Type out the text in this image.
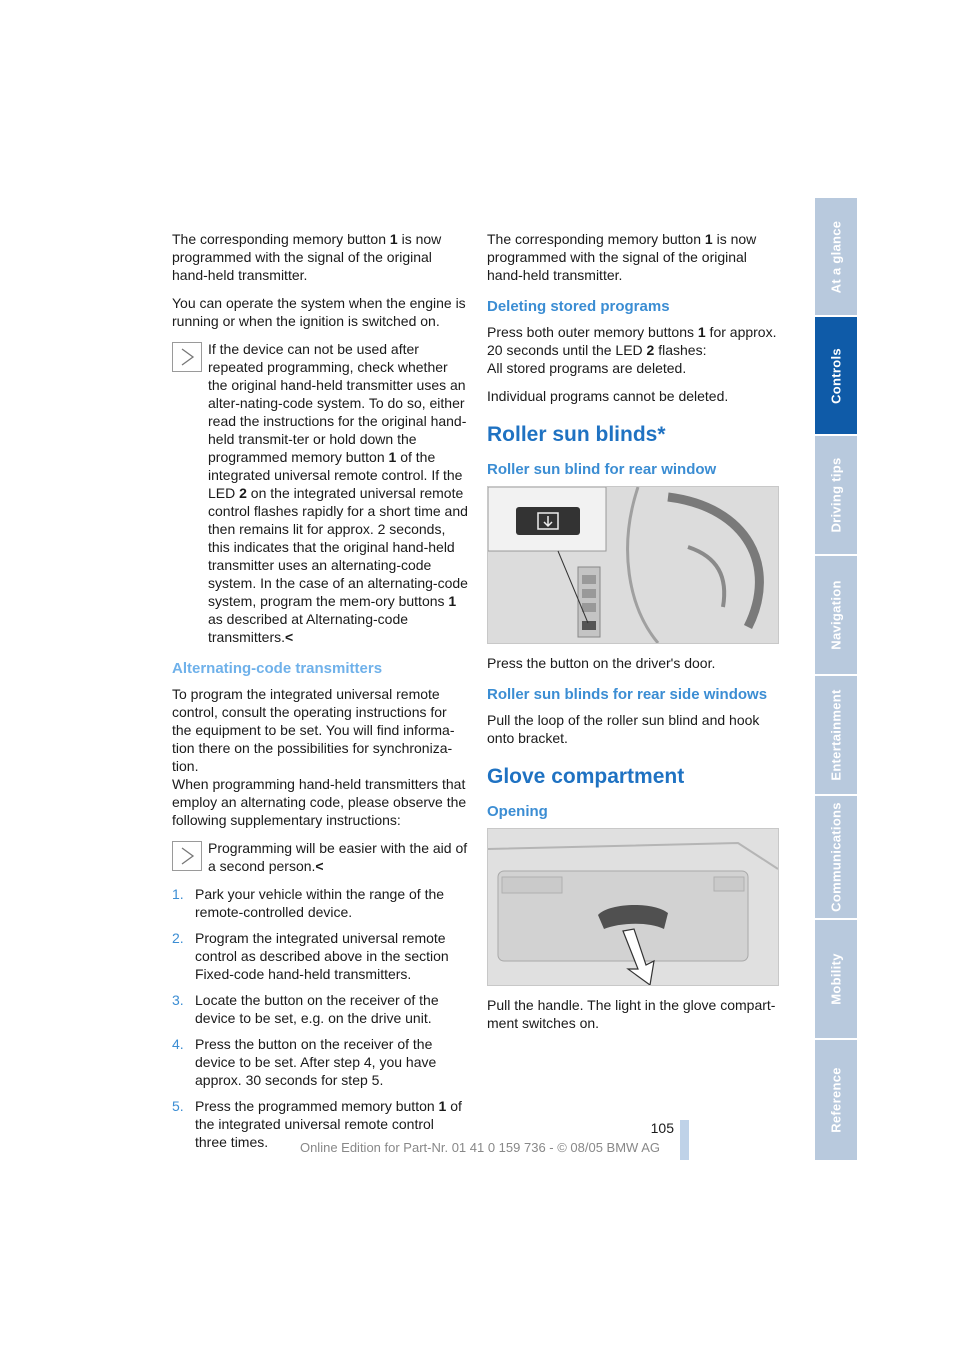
The corresponding memory button 1 is now programmed with the signal of the original hand-held transmitter.

You can operate the system when the engine is running or when the ignition is switched on.

If the device can not be used after repeated programming, check whether the original hand-held transmitter uses an alter-nating-code system. To do so, either read the instructions for the original hand-held transmit-ter or hold down the programmed memory button 1 of the integrated universal remote control. If the LED 2 on the integrated universal remote control flashes rapidly for a short time and then remains lit for approx. 2 seconds, this indicates that the original hand-held transmitter uses an alternating-code system. In the case of an alternating-code system, program the mem-ory buttons 1 as described at Alternating-code transmitters.<

Alternating-code transmitters

To program the integrated universal remote control, consult the operating instructions for the equipment to be set. You will find informa-tion there on the possibilities for synchroniza-tion.

When programming hand-held transmitters that employ an alternating code, please observe the following supplementary instructions:

Programming will be easier with the aid of a second person.<

1. Park your vehicle within the range of the remote-controlled device.
2. Program the integrated universal remote control as described above in the section Fixed-code hand-held transmitters.
3. Locate the button on the receiver of the device to be set, e.g. on the drive unit.
4. Press the button on the receiver of the device to be set. After step 4, you have approx. 30 seconds for step 5.
5. Press the programmed memory button 1 of the integrated universal remote control three times.

The corresponding memory button 1 is now programmed with the signal of the original hand-held transmitter.

Deleting stored programs

Press both outer memory buttons 1 for approx. 20 seconds until the LED 2 flashes:

All stored programs are deleted.

Individual programs cannot be deleted.

Roller sun blinds*
Roller sun blind for rear window

Press the button on the driver's door.

Roller sun blinds for rear side windows

Pull the loop of the roller sun blind and hook onto bracket.

Glove compartment
Opening

Pull the handle. The light in the glove compart-ment switches on.

At a glance
Controls
Driving tips
Navigation
Entertainment
Communications
Mobility
Reference
105
Online Edition for Part-Nr. 01 41 0 159 736 - © 08/05 BMW AG
